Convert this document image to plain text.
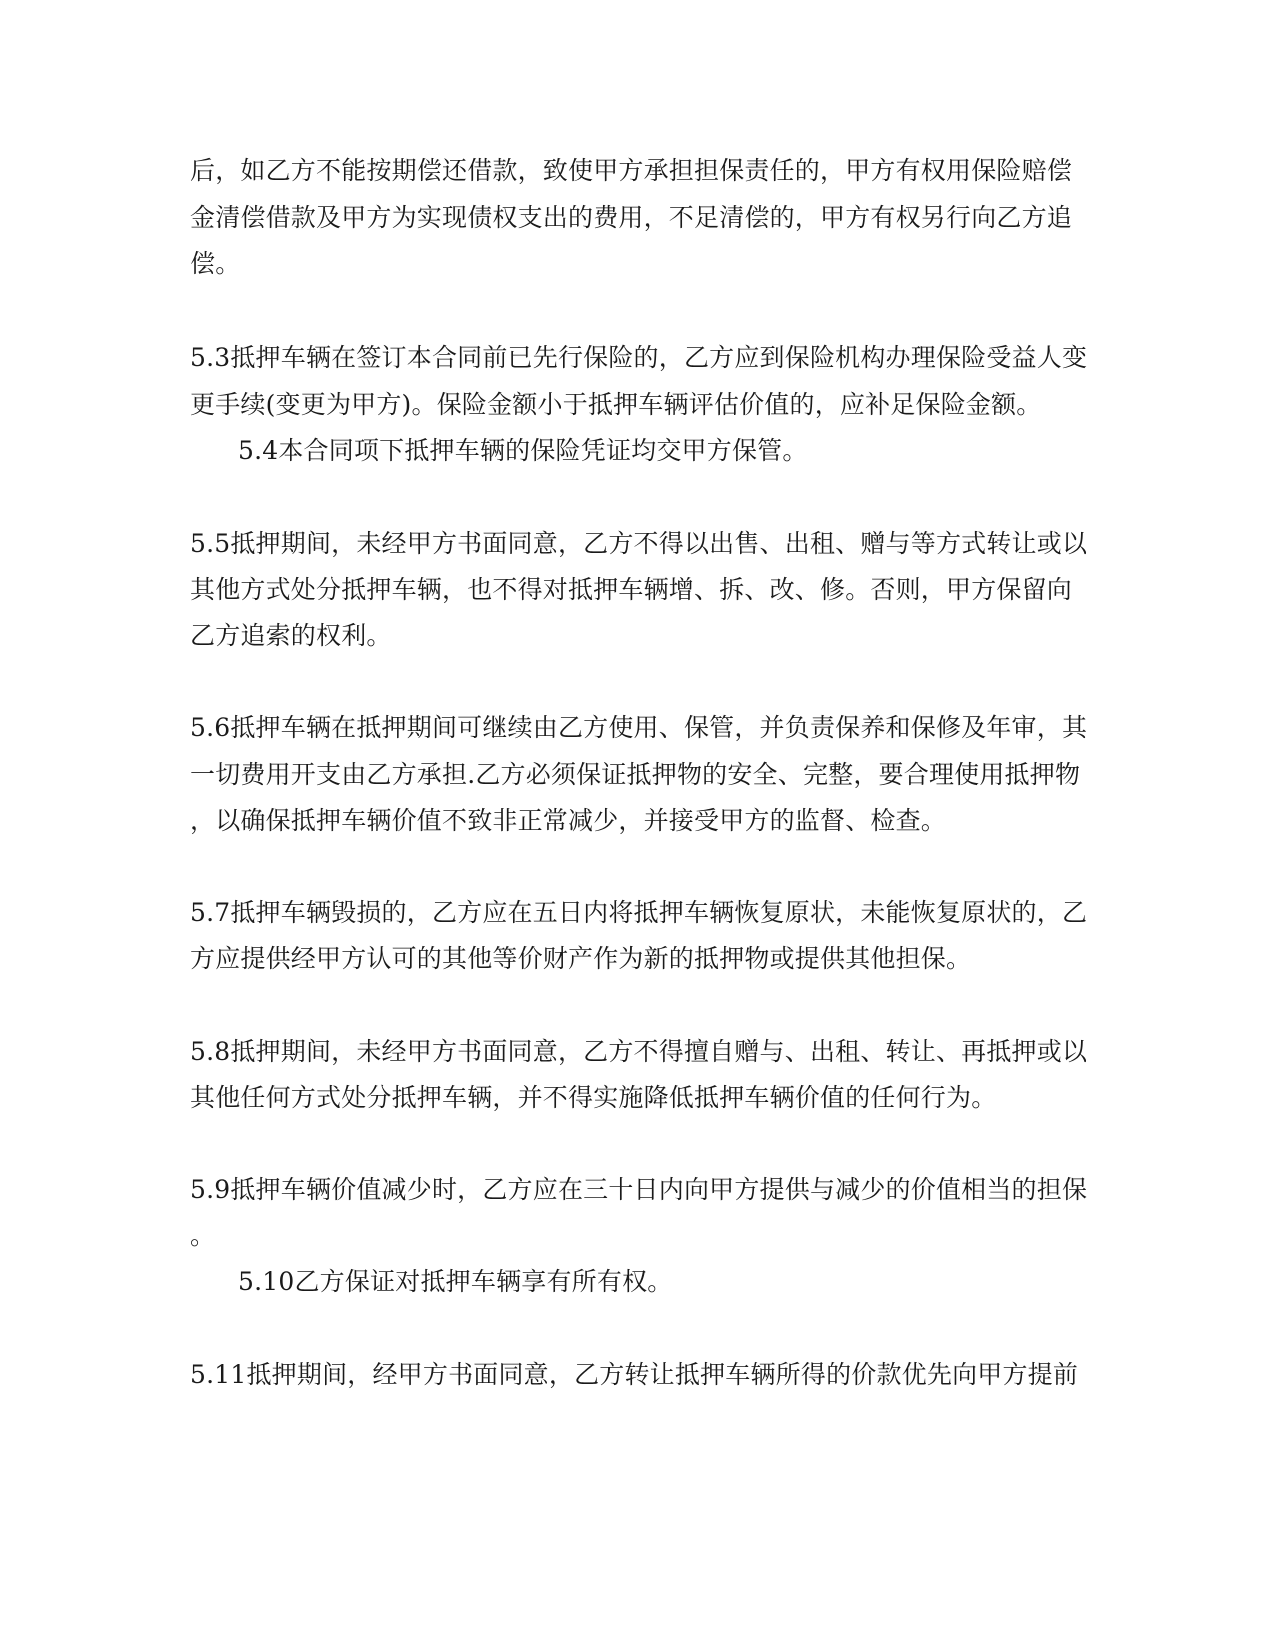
后，如乙方不能按期偿还借款，致使甲方承担担保责任的，甲方有权用保险赔偿
金清偿借款及甲方为实现债权支出的费用，不足清偿的，甲方有权另行向乙方追
偿。
5.3抵押车辆在签订本合同前已先行保险的，乙方应到保险机构办理保险受益人变
更手续(变更为甲方)。保险金额小于抵押车辆评估价值的，应补足保险金额。
5.4本合同项下抵押车辆的保险凭证均交甲方保管。
5.5抵押期间，未经甲方书面同意，乙方不得以出售、出租、赠与等方式转让或以
其他方式处分抵押车辆，也不得对抵押车辆增、拆、改、修。否则，甲方保留向
乙方追索的权利。
5.6抵押车辆在抵押期间可继续由乙方使用、保管，并负责保养和保修及年审，其
一切费用开支由乙方承担.乙方必须保证抵押物的安全、完整，要合理使用抵押物
，以确保抵押车辆价值不致非正常减少，并接受甲方的监督、检查。
5.7抵押车辆毁损的，乙方应在五日内将抵押车辆恢复原状，未能恢复原状的，乙
方应提供经甲方认可的其他等价财产作为新的抵押物或提供其他担保。
5.8抵押期间，未经甲方书面同意，乙方不得擅自赠与、出租、转让、再抵押或以
其他任何方式处分抵押车辆，并不得实施降低抵押车辆价值的任何行为。
5.9抵押车辆价值减少时，乙方应在三十日内向甲方提供与减少的价值相当的担保
。
5.10乙方保证对抵押车辆享有所有权。
5.11抵押期间，经甲方书面同意，乙方转让抵押车辆所得的价款优先向甲方提前
